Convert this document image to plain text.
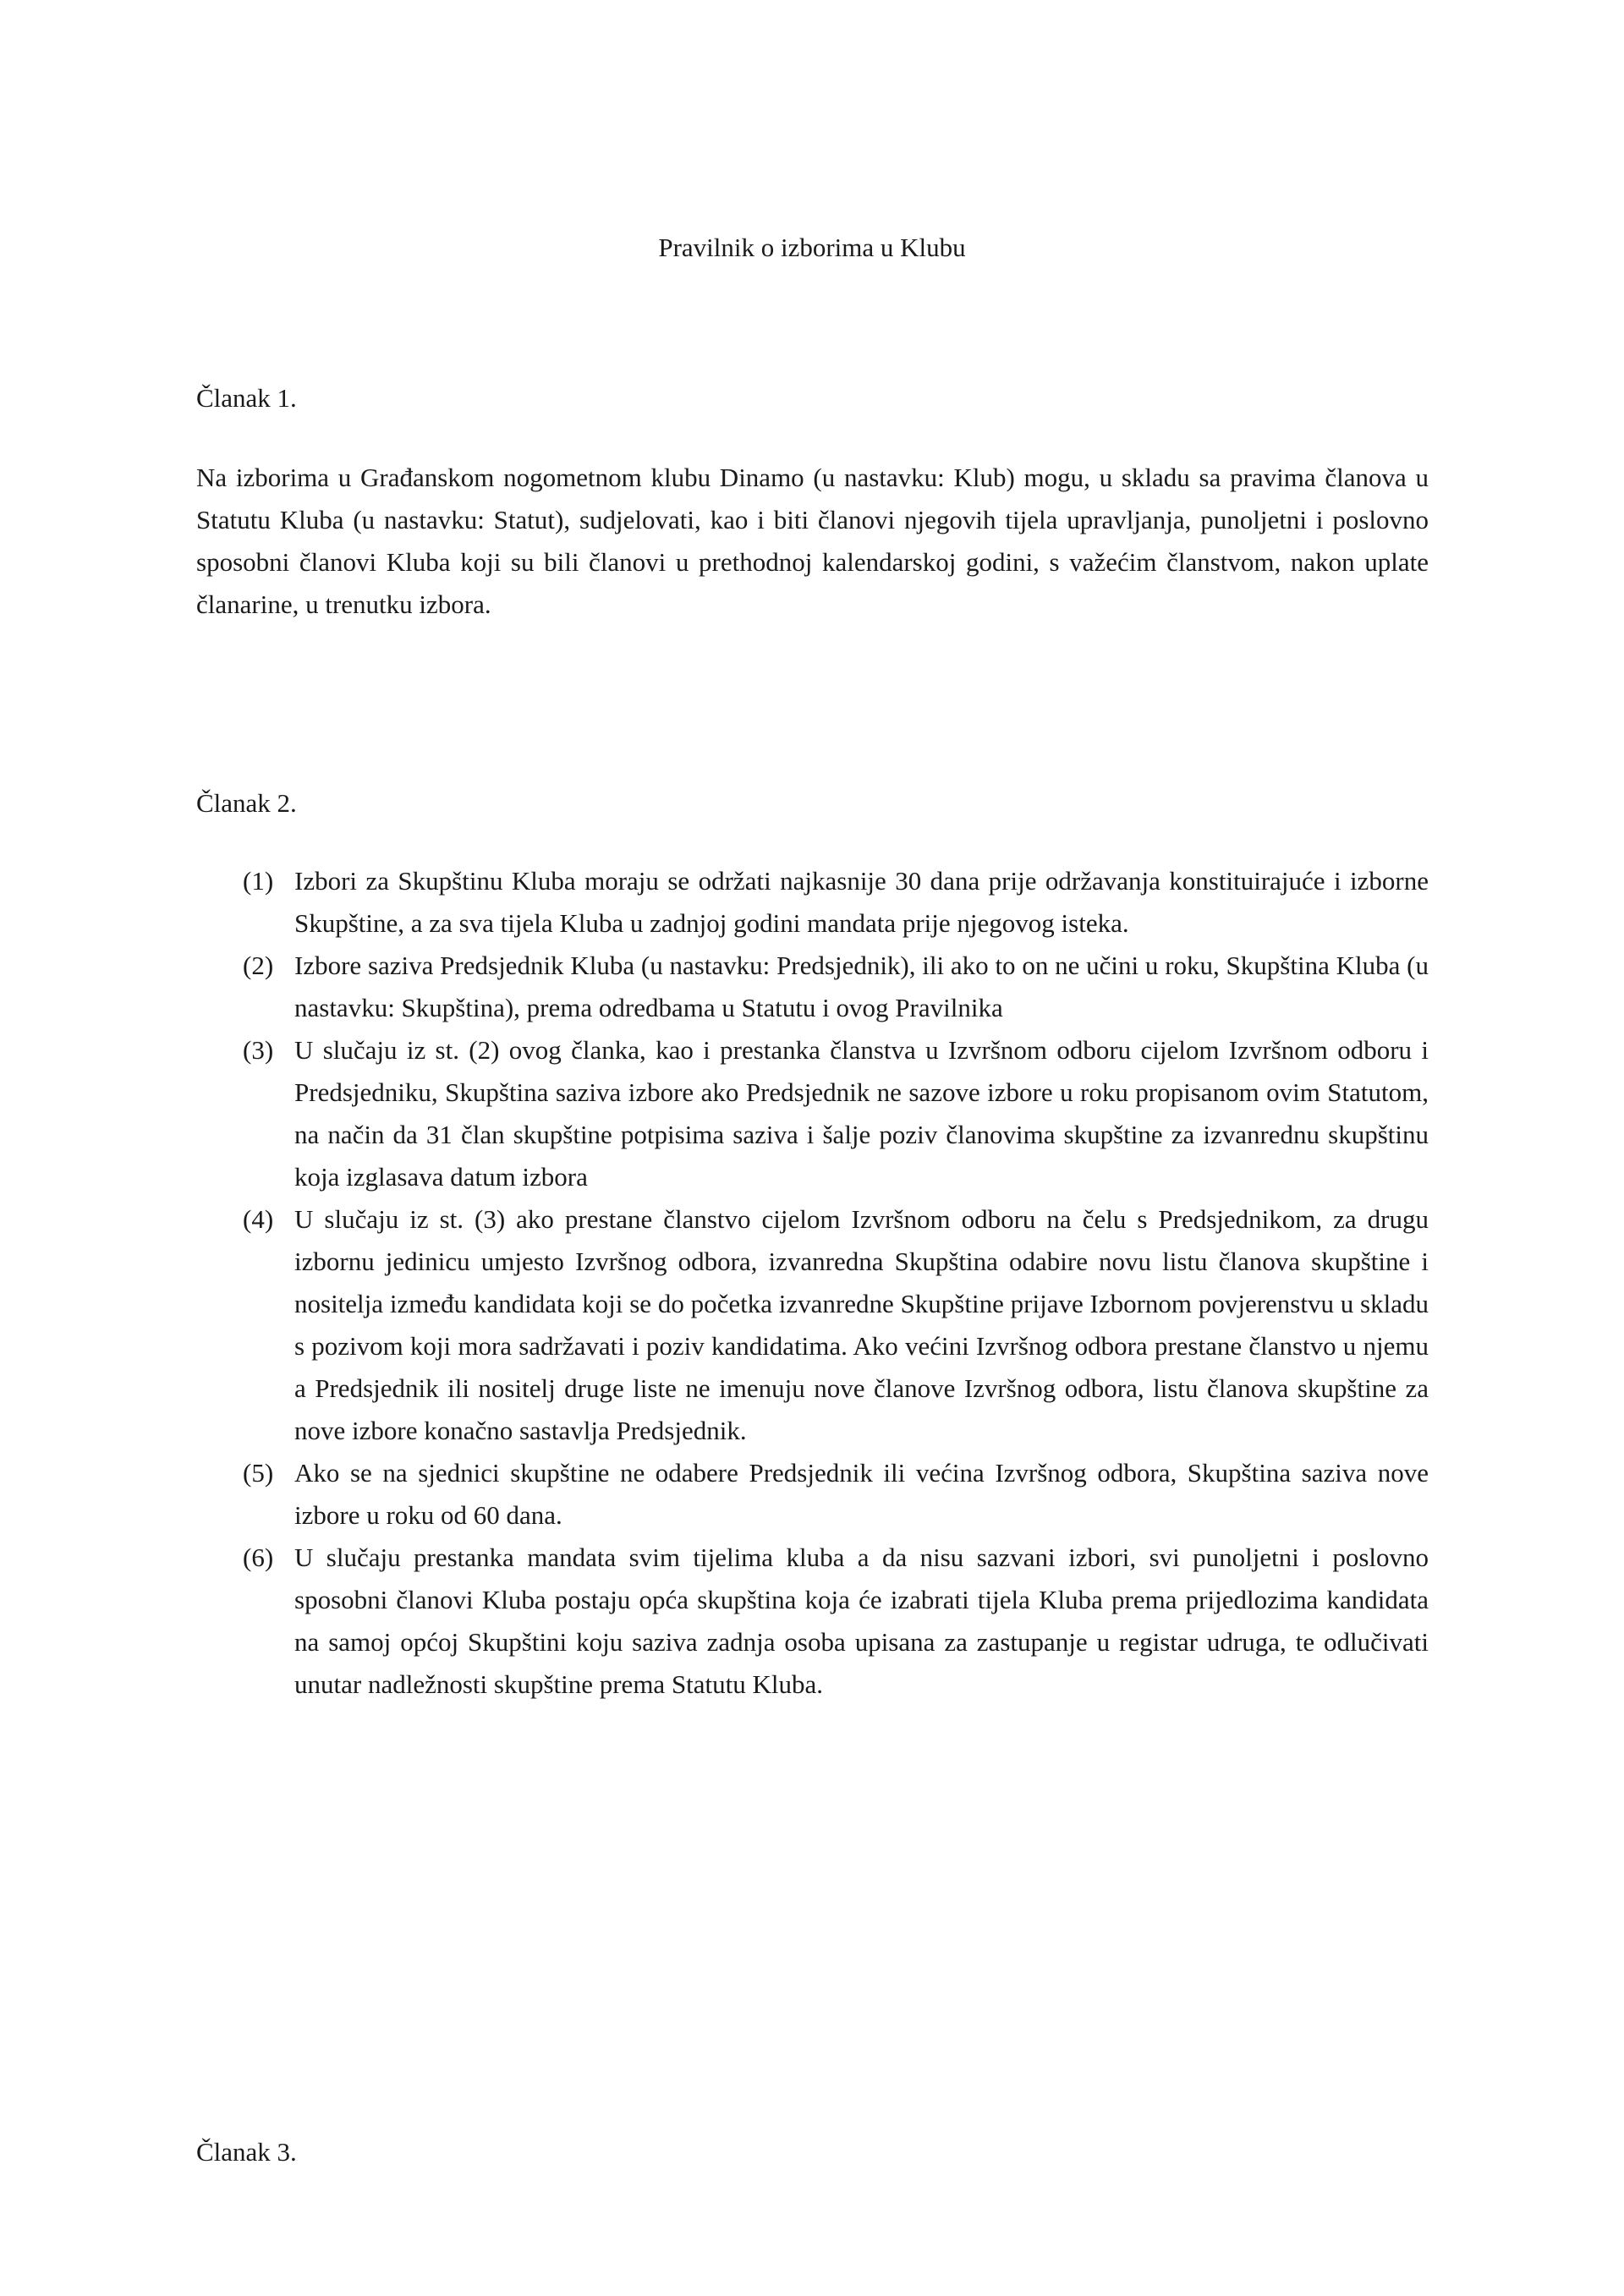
Pravilnik o izborima u Klubu
Članak 1.

Na izborima u Građanskom nogometnom klubu Dinamo (u nastavku: Klub) mogu, u skladu sa pravima članova u Statutu Kluba (u nastavku: Statut), sudjelovati, kao i biti članovi njegovih tijela upravljanja, punoljetni i poslovno sposobni članovi Kluba koji su bili članovi u prethodnoj kalendarskoj godini, s važećim članstvom, nakon uplate članarine, u trenutku izbora.

Članak 2.
(1) Izbori za Skupštinu Kluba moraju se održati najkasnije 30 dana prije održavanja konstituirajuće i izborne Skupštine, a za sva tijela Kluba u zadnjoj godini mandata prije njegovog isteka.
(2) Izbore saziva Predsjednik Kluba (u nastavku: Predsjednik), ili ako to on ne učini u roku, Skupština Kluba (u nastavku: Skupština), prema odredbama u Statutu i ovog Pravilnika
(3) U slučaju iz st. (2) ovog članka, kao i prestanka članstva u Izvršnom odboru cijelom Izvršnom odboru i Predsjedniku, Skupština saziva izbore ako Predsjednik ne sazove izbore u roku propisanom ovim Statutom, na način da 31 član skupštine potpisima saziva i šalje poziv članovima skupštine za izvanrednu skupštinu koja izglasava datum izbora
(4) U slučaju iz st. (3) ako prestane članstvo cijelom Izvršnom odboru na čelu s Predsjednikom, za drugu izbornu jedinicu umjesto Izvršnog odbora, izvanredna Skupština odabire novu listu članova skupštine i nositelja između kandidata koji se do početka izvanredne Skupštine prijave Izbornom povjerenstvu u skladu s pozivom koji mora sadržavati i poziv kandidatima. Ako većini Izvršnog odbora prestane članstvo u njemu a Predsjednik ili nositelj druge liste ne imenuju nove članove Izvršnog odbora, listu članova skupštine za nove izbore konačno sastavlja Predsjednik.
(5) Ako se na sjednici skupštine ne odabere Predsjednik ili većina Izvršnog odbora, Skupština saziva nove izbore u roku od 60 dana.
(6) U slučaju prestanka mandata svim tijelima kluba a da nisu sazvani izbori, svi punoljetni i poslovno sposobni članovi Kluba postaju opća skupština koja će izabrati tijela Kluba prema prijedlozima kandidata na samoj općoj Skupštini koju saziva zadnja osoba upisana za zastupanje u registar udruga, te odlučivati unutar nadležnosti skupštine prema Statutu Kluba.
Članak 3.
